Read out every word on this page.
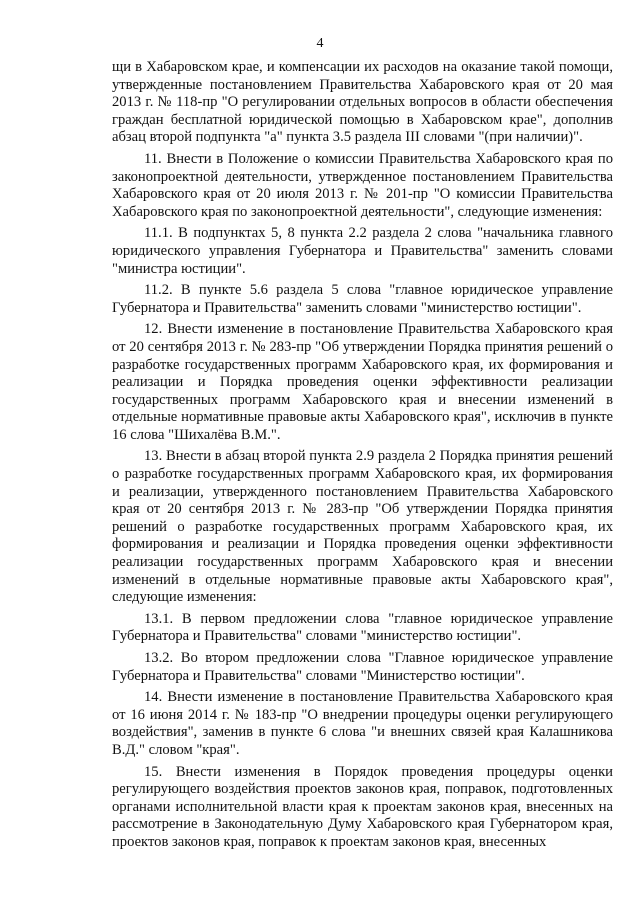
4

щи в Хабаровском крае, и компенсации их расходов на оказание такой помощи, утвержденные постановлением Правительства Хабаровского края от 20 мая 2013 г. № 118-пр "О регулировании отдельных вопросов в области обеспечения граждан бесплатной юридической помощью в Хабаровском крае", дополнив абзац второй подпункта "а" пункта 3.5 раздела III словами "(при наличии)".

11. Внести в Положение о комиссии Правительства Хабаровского края по законопроектной деятельности, утвержденное постановлением Правительства Хабаровского края от 20 июля 2013 г. № 201-пр "О комиссии Правительства Хабаровского края по законопроектной деятельности", следующие изменения:

11.1. В подпунктах 5, 8 пункта 2.2 раздела 2 слова "начальника главного юридического управления Губернатора и Правительства" заменить словами "министра юстиции".

11.2. В пункте 5.6 раздела 5 слова "главное юридическое управление Губернатора и Правительства" заменить словами "министерство юстиции".

12. Внести изменение в постановление Правительства Хабаровского края от 20 сентября 2013 г. № 283-пр "Об утверждении Порядка принятия решений о разработке государственных программ Хабаровского края, их формирования и реализации и Порядка проведения оценки эффективности реализации государственных программ Хабаровского края и внесении изменений в отдельные нормативные правовые акты Хабаровского края", исключив в пункте 16 слова "Шихалёва В.М.".

13. Внести в абзац второй пункта 2.9 раздела 2 Порядка принятия решений о разработке государственных программ Хабаровского края, их формирования и реализации, утвержденного постановлением Правительства Хабаровского края от 20 сентября 2013 г. № 283-пр "Об утверждении Порядка принятия решений о разработке государственных программ Хабаровского края, их формирования и реализации и Порядка проведения оценки эффективности реализации государственных программ Хабаровского края и внесении изменений в отдельные нормативные правовые акты Хабаровского края", следующие изменения:

13.1. В первом предложении слова "главное юридическое управление Губернатора и Правительства" словами "министерство юстиции".

13.2. Во втором предложении слова "Главное юридическое управление Губернатора и Правительства" словами "Министерство юстиции".

14. Внести изменение в постановление Правительства Хабаровского края от 16 июня 2014 г. № 183-пр "О внедрении процедуры оценки регулирующего воздействия", заменив в пункте 6 слова "и внешних связей края Калашникова В.Д." словом "края".

15. Внести изменения в Порядок проведения процедуры оценки регулирующего воздействия проектов законов края, поправок, подготовленных органами исполнительной власти края к проектам законов края, внесенных на рассмотрение в Законодательную Думу Хабаровского края Губернатором края, проектов законов края, поправок к проектам законов края, внесенных
